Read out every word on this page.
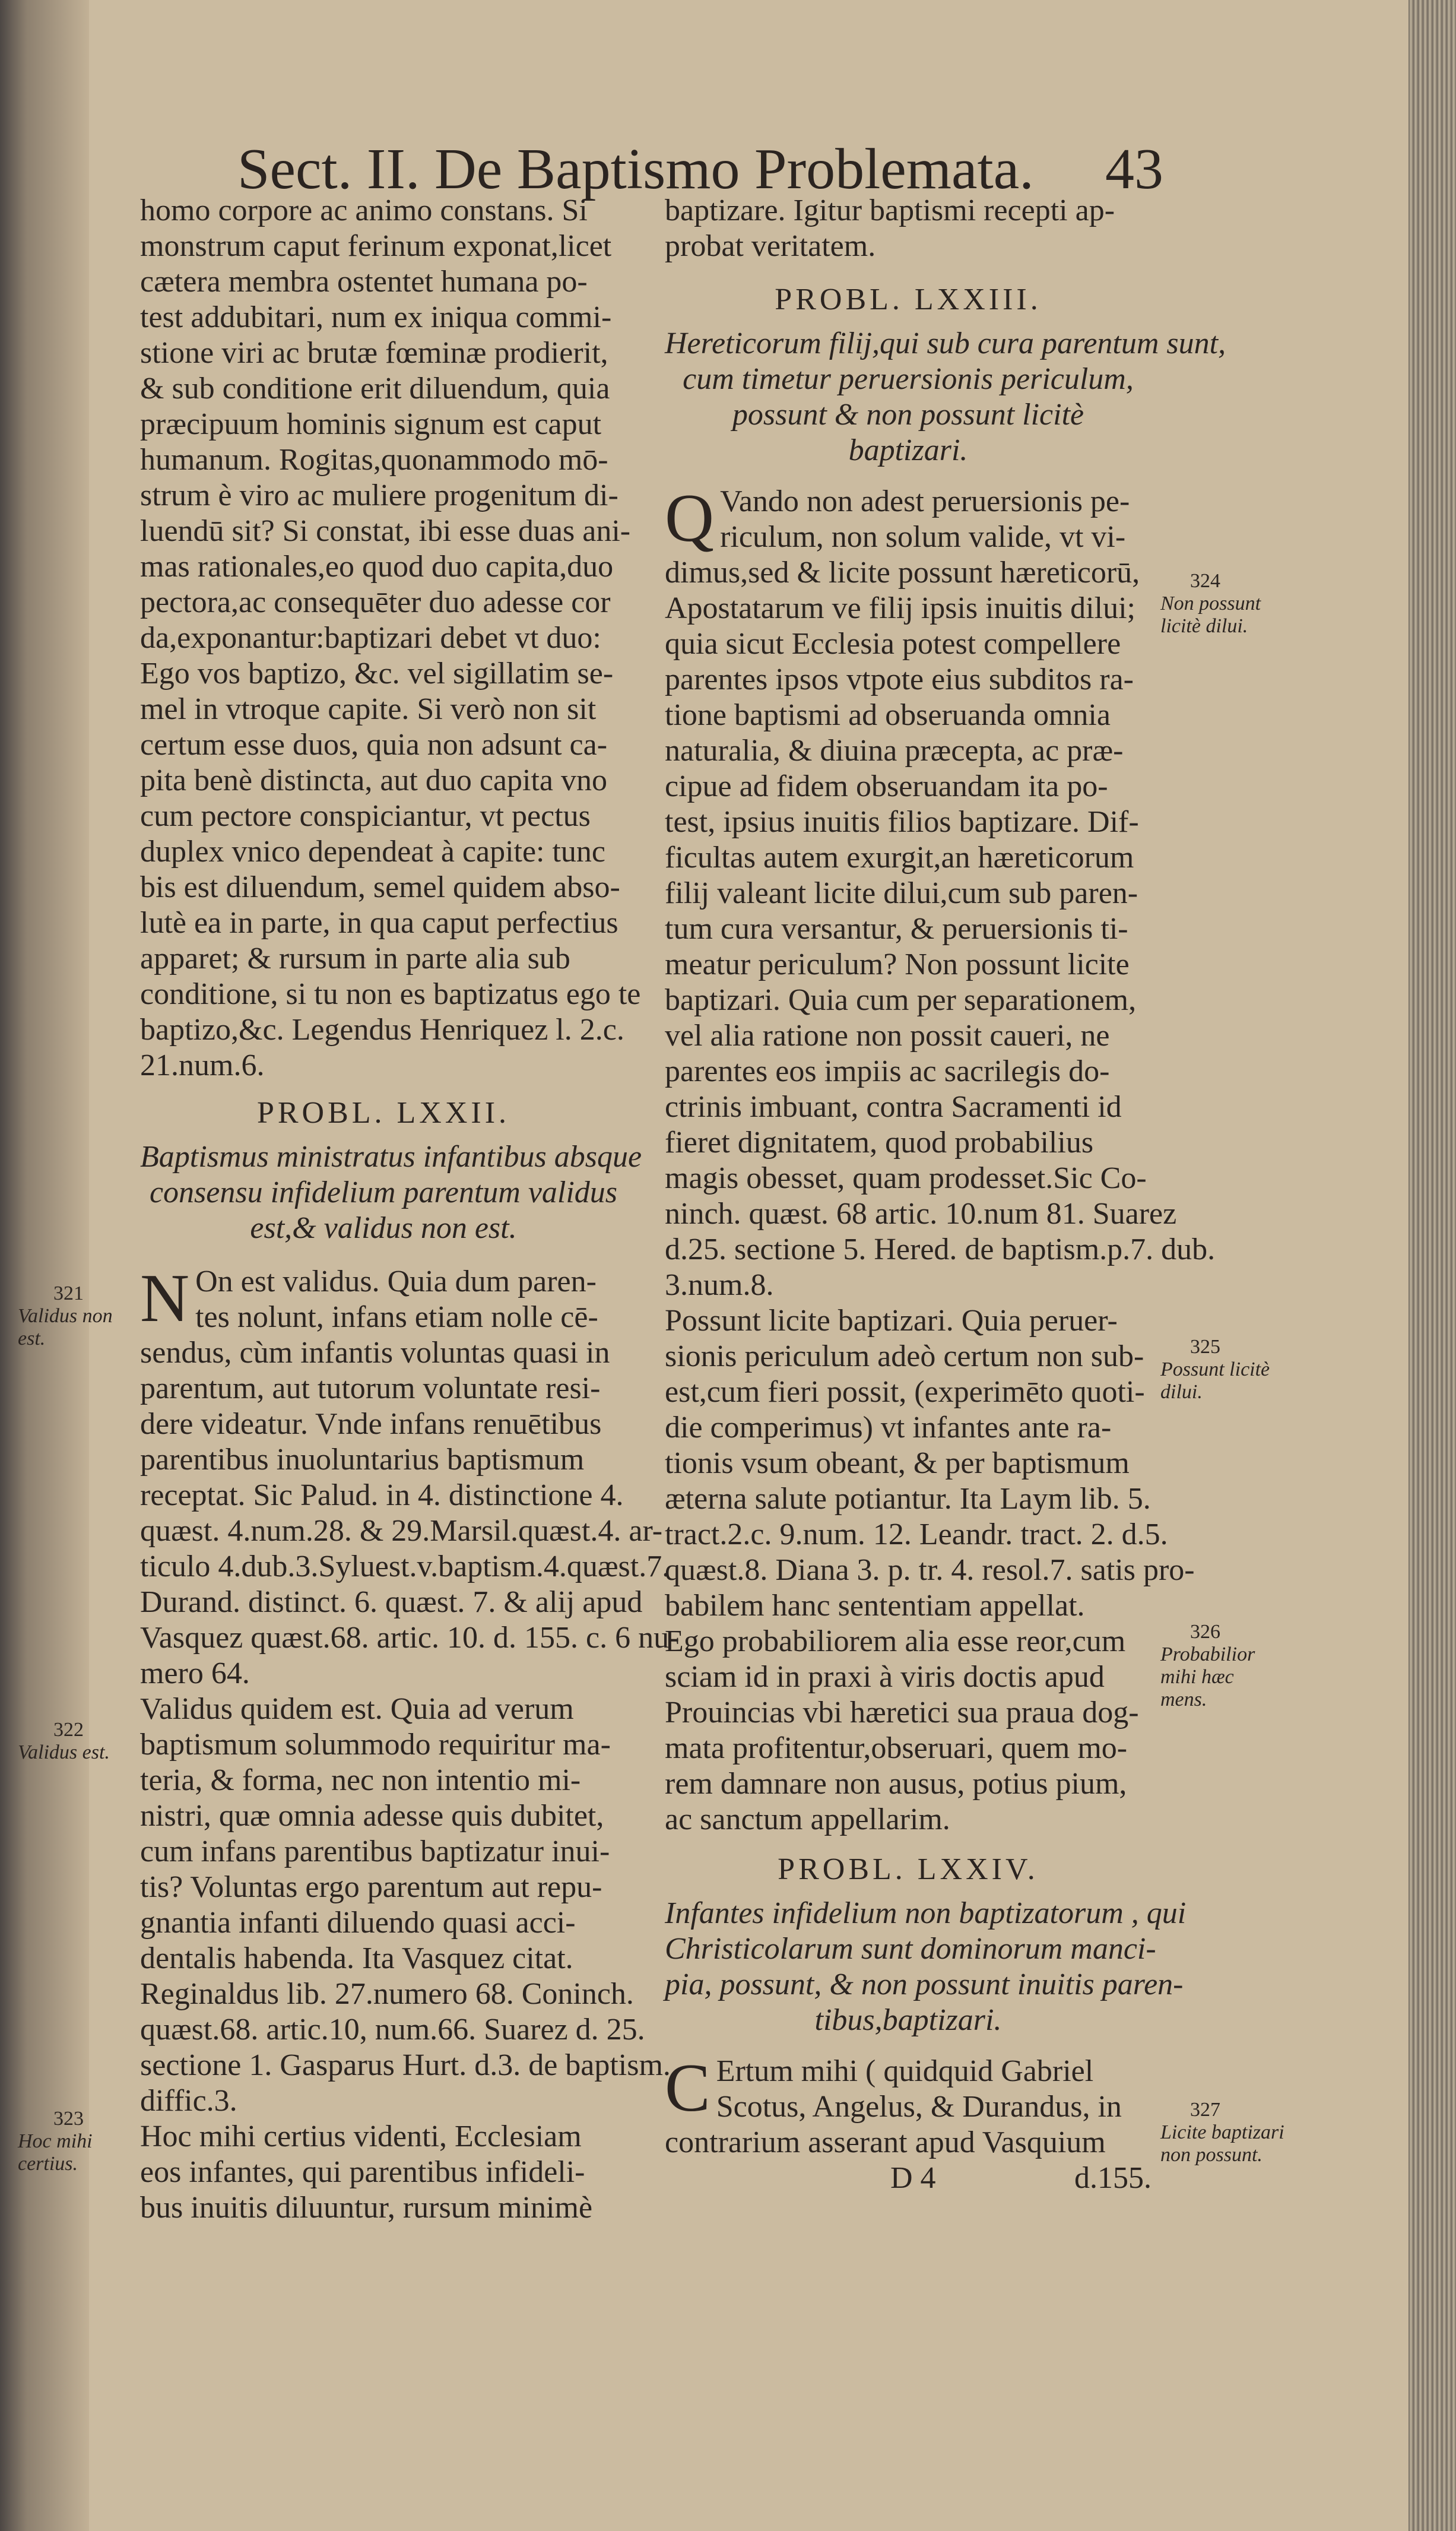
Sect. II. De Baptismo Problemata. 43
homo corpore ac animo constans. Si
monstrum caput ferinum exponat,licet
cætera membra ostentet humana po-
test addubitari, num ex iniqua commi-
stione viri ac brutæ fœminæ prodierit,
& sub conditione erit diluendum, quia
præcipuum hominis signum est caput
humanum. Rogitas,quonammodo mō-
strum è viro ac muliere progenitum di-
luendū sit? Si constat, ibi esse duas ani-
mas rationales,eo quod duo capita,duo
pectora,ac consequēter duo adesse cor
da,exponantur:baptizari debet vt duo:
Ego vos baptizo, &c. vel sigillatim se-
mel in vtroque capite. Si verò non sit
certum esse duos, quia non adsunt ca-
pita benè distincta, aut duo capita vno
cum pectore conspiciantur, vt pectus
duplex vnico dependeat à capite: tunc
bis est diluendum, semel quidem abso-
lutè ea in parte, in qua caput perfectius
apparet; & rursum in parte alia sub
conditione, si tu non es baptizatus ego te
baptizo,&c. Legendus Henriquez l. 2.c.
21.num.6.
PROBL. LXXII.
Baptismus ministratus infantibus absque
consensu infidelium parentum validus
est,& validus non est.
N On est validus. Quia dum paren-
tes nolunt, infans etiam nolle cē-
sendus, cùm infantis voluntas quasi in
parentum, aut tutorum voluntate resi-
dere videatur. Vnde infans renuētibus
parentibus inuoluntarius baptismum
receptat. Sic Palud. in 4. distinctione 4.
quæst. 4.num.28. & 29.Marsil.quæst.4. ar-
ticulo 4.dub.3.Syluest.v.baptism.4.quæst.7.
Durand. distinct. 6. quæst. 7. & alij apud
Vasquez quæst.68. artic. 10. d. 155. c. 6 nu-
mero 64.
Validus quidem est. Quia ad verum
baptismum solummodo requiritur ma-
teria, & forma, nec non intentio mi-
nistri, quæ omnia adesse quis dubitet,
cum infans parentibus baptizatur inui-
tis? Voluntas ergo parentum aut repu-
gnantia infanti diluendo quasi acci-
dentalis habenda. Ita Vasquez citat.
Reginaldus lib. 27.numero 68. Coninch.
quæst.68. artic.10, num.66. Suarez d. 25.
sectione 1. Gasparus Hurt. d.3. de baptism.
diffic.3.
Hoc mihi certius videnti, Ecclesiam
eos infantes, qui parentibus infideli-
bus inuitis diluuntur, rursum minimè
baptizare. Igitur baptismi recepti ap-
probat veritatem.
PROBL. LXXIII.
Hereticorum filij,qui sub cura parentum sunt,
cum timetur peruersionis periculum,
possunt & non possunt licitè
baptizari.
Q Vando non adest peruersionis pe-
riculum, non solum valide, vt vi-
dimus,sed & licite possunt hæreticorū,
Apostatarum ve filij ipsis inuitis dilui;
quia sicut Ecclesia potest compellere
parentes ipsos vtpote eius subditos ra-
tione baptismi ad obseruanda omnia
naturalia, & diuina præcepta, ac præ-
cipue ad fidem obseruandam ita po-
test, ipsius inuitis filios baptizare. Dif-
ficultas autem exurgit,an hæreticorum
filij valeant licite dilui,cum sub paren-
tum cura versantur, & peruersionis ti-
meatur periculum? Non possunt licite
baptizari. Quia cum per separationem,
vel alia ratione non possit caueri, ne
parentes eos impiis ac sacrilegis do-
ctrinis imbuant, contra Sacramenti id
fieret dignitatem, quod probabilius
magis obesset, quam prodesset.Sic Co-
ninch. quæst. 68 artic. 10.num 81. Suarez
d.25. sectione 5. Hered. de baptism.p.7. dub.
3.num.8.
Possunt licite baptizari. Quia peruer-
sionis periculum adeò certum non sub-
est,cum fieri possit, (experimēto quoti-
die comperimus) vt infantes ante ra-
tionis vsum obeant, & per baptismum
æterna salute potiantur. Ita Laym lib. 5.
tract.2.c. 9.num. 12. Leandr. tract. 2. d.5.
quæst.8. Diana 3. p. tr. 4. resol.7. satis pro-
babilem hanc sententiam appellat.
Ego probabiliorem alia esse reor,cum
sciam id in praxi à viris doctis apud
Prouincias vbi hæretici sua praua dog-
mata profitentur,obseruari, quem mo-
rem damnare non ausus, potius pium,
ac sanctum appellarim.
PROBL. LXXIV.
Infantes infidelium non baptizatorum , qui
Christicolarum sunt dominorum manci-
pia, possunt, & non possunt inuitis paren-
tibus,baptizari.
C Ertum mihi ( quidquid Gabriel
Scotus, Angelus, & Durandus, in
contrarium asserant apud Vasquium
D 4	d.155.
321
Validus non est.
322
Validus est.
323
Hoc mihi certius.
324
Non possunt licitè dilui.
325
Possunt licitè dilui.
326
Probabilior mihi hæc mens.
327
Licite baptizari non possunt.
